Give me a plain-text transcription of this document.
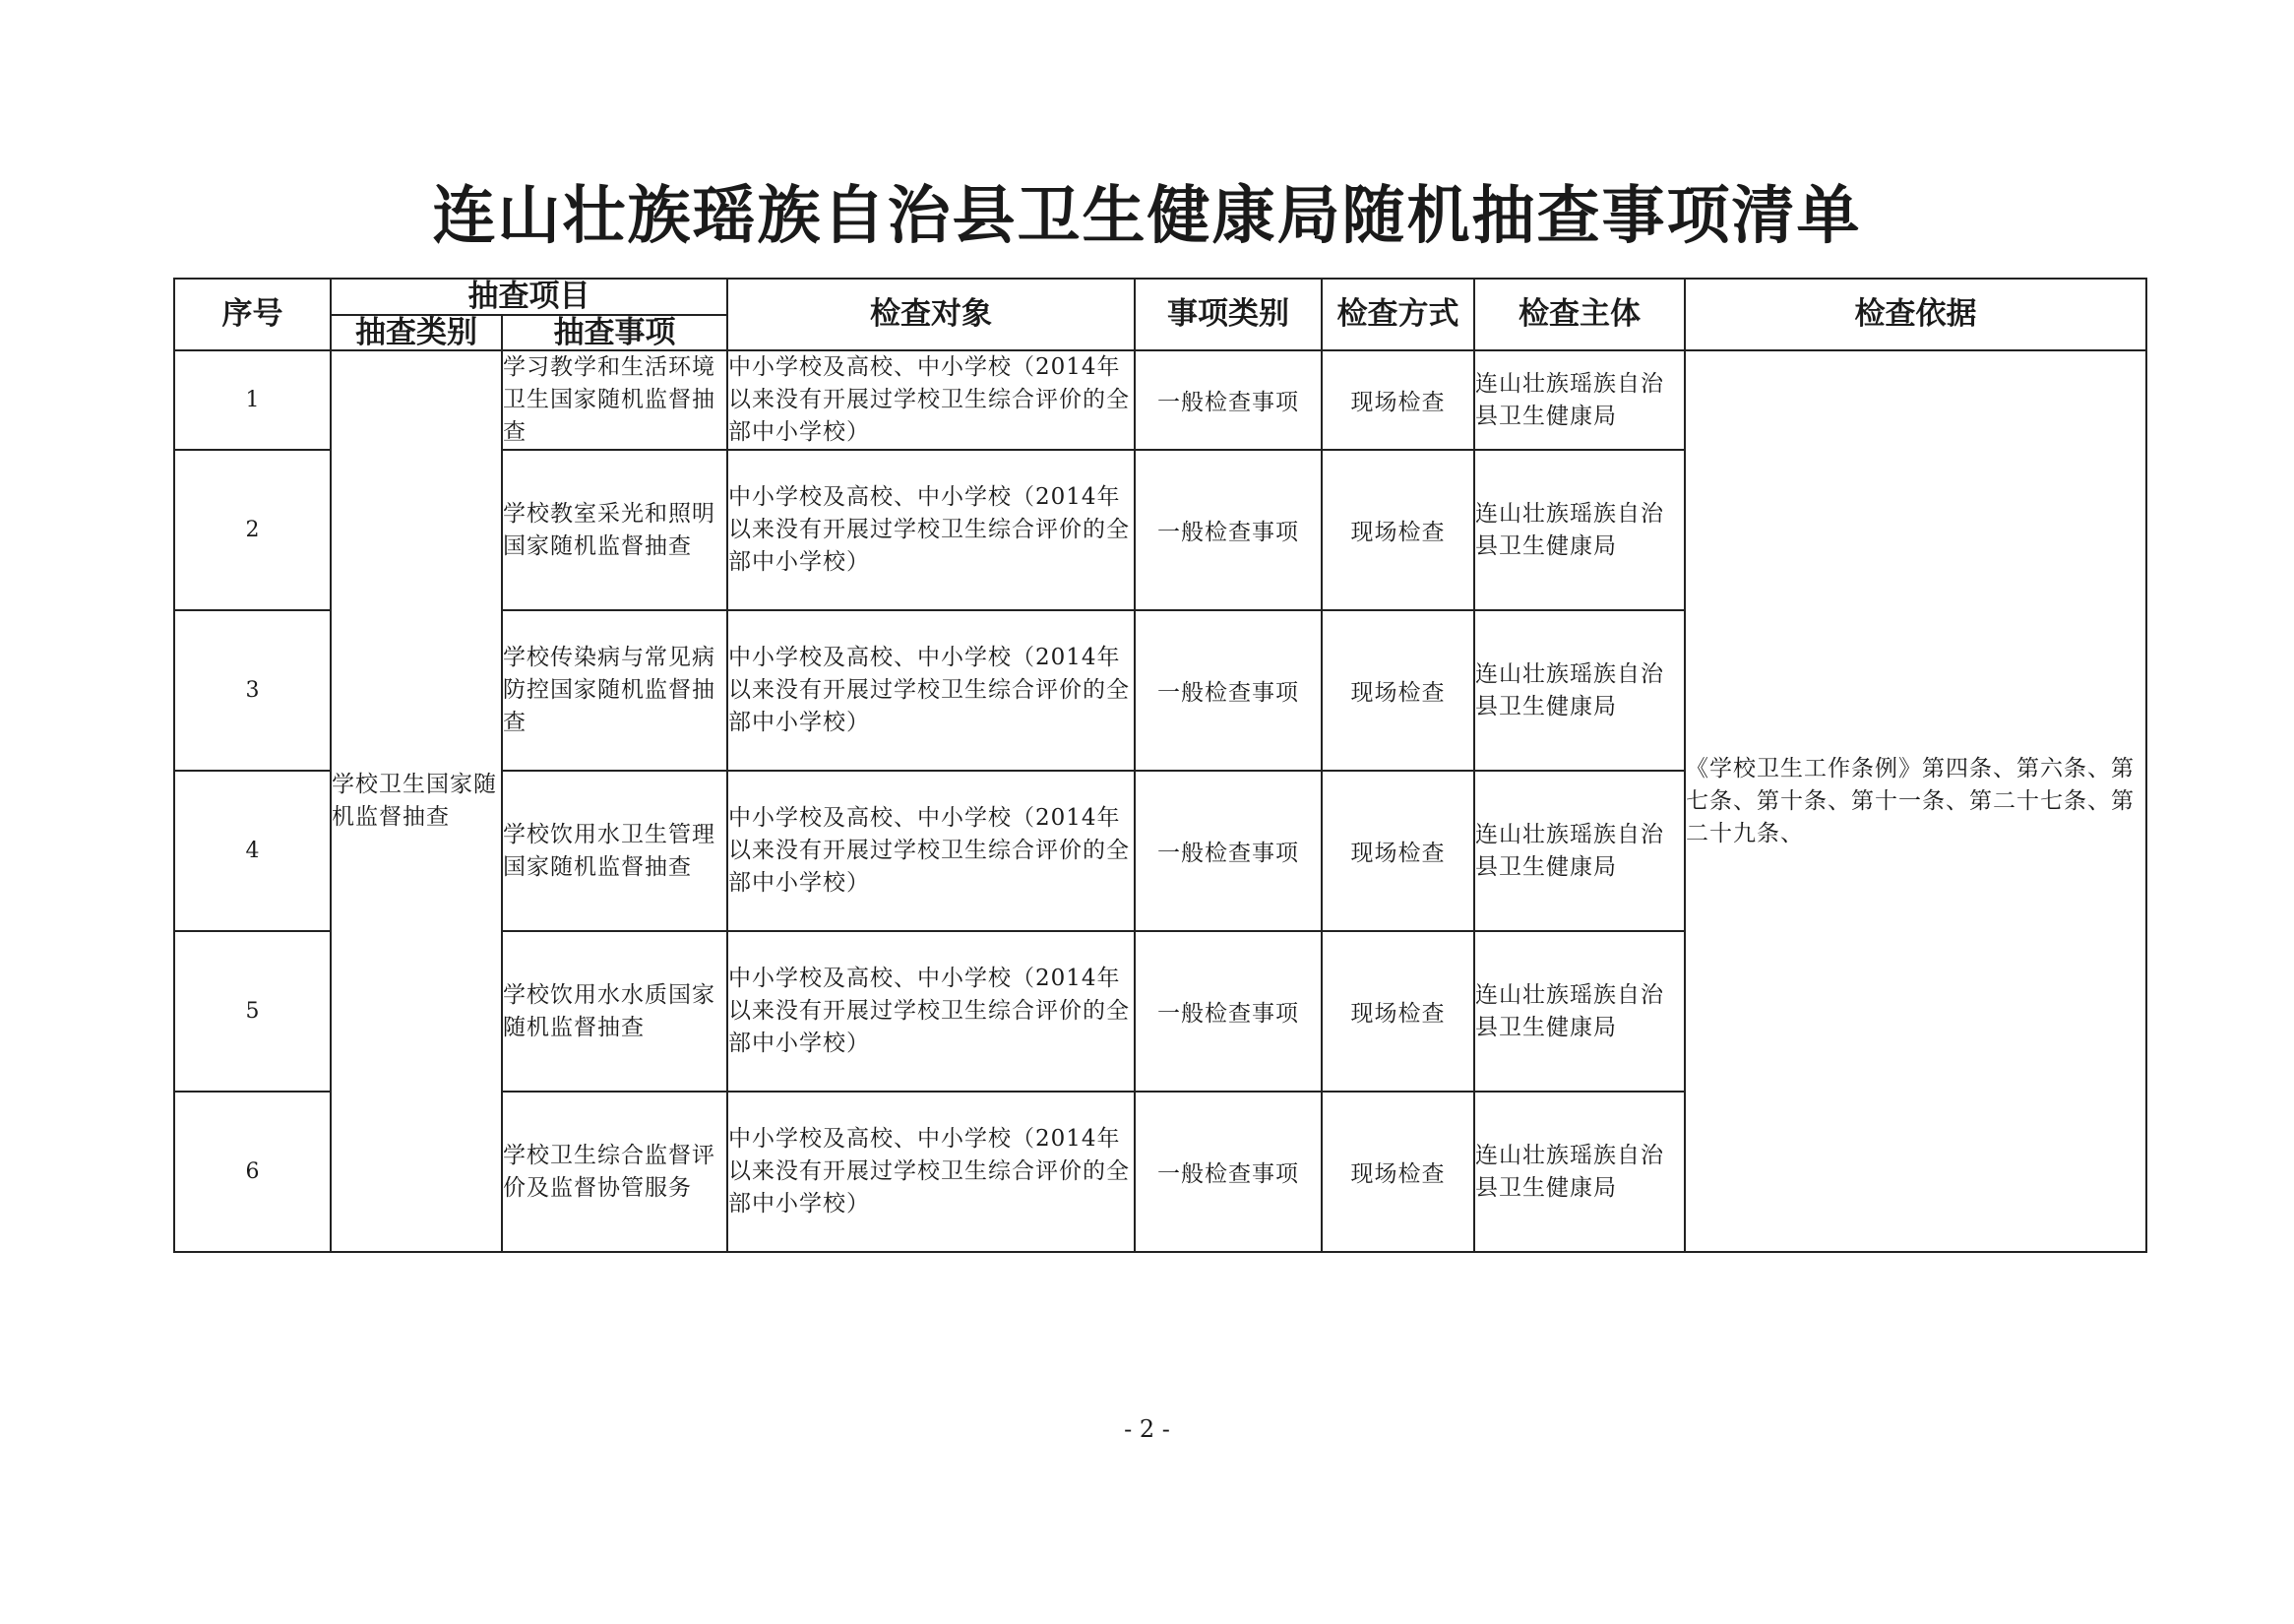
连山壮族瑶族自治县卫生健康局随机抽查事项清单
序号	抽查项目		检查对象	事项类别	检查方式	检查主体	检查依据
	抽查类别	抽查事项					
1	学校卫生国家随机监督抽查	学习教学和生活环境卫生国家随机监督抽查	中小学校及高校、中小学校（2014年以来没有开展过学校卫生综合评价的全部中小学校）	一般检查事项	现场检查	连山壮族瑶族自治县卫生健康局	《学校卫生工作条例》第四条、第六条、第七条、第十条、第十一条、第二十七条、第二十九条、
2		学校教室采光和照明国家随机监督抽查	中小学校及高校、中小学校（2014年以来没有开展过学校卫生综合评价的全部中小学校）	一般检查事项	现场检查	连山壮族瑶族自治县卫生健康局	
3		学校传染病与常见病防控国家随机监督抽查	中小学校及高校、中小学校（2014年以来没有开展过学校卫生综合评价的全部中小学校）	一般检查事项	现场检查	连山壮族瑶族自治县卫生健康局	
4		学校饮用水卫生管理国家随机监督抽查	中小学校及高校、中小学校（2014年以来没有开展过学校卫生综合评价的全部中小学校）	一般检查事项	现场检查	连山壮族瑶族自治县卫生健康局	
5		学校饮用水水质国家随机监督抽查	中小学校及高校、中小学校（2014年以来没有开展过学校卫生综合评价的全部中小学校）	一般检查事项	现场检查	连山壮族瑶族自治县卫生健康局	
6		学校卫生综合监督评价及监督协管服务	中小学校及高校、中小学校（2014年以来没有开展过学校卫生综合评价的全部中小学校）	一般检查事项	现场检查	连山壮族瑶族自治县卫生健康局	
- 2 -
